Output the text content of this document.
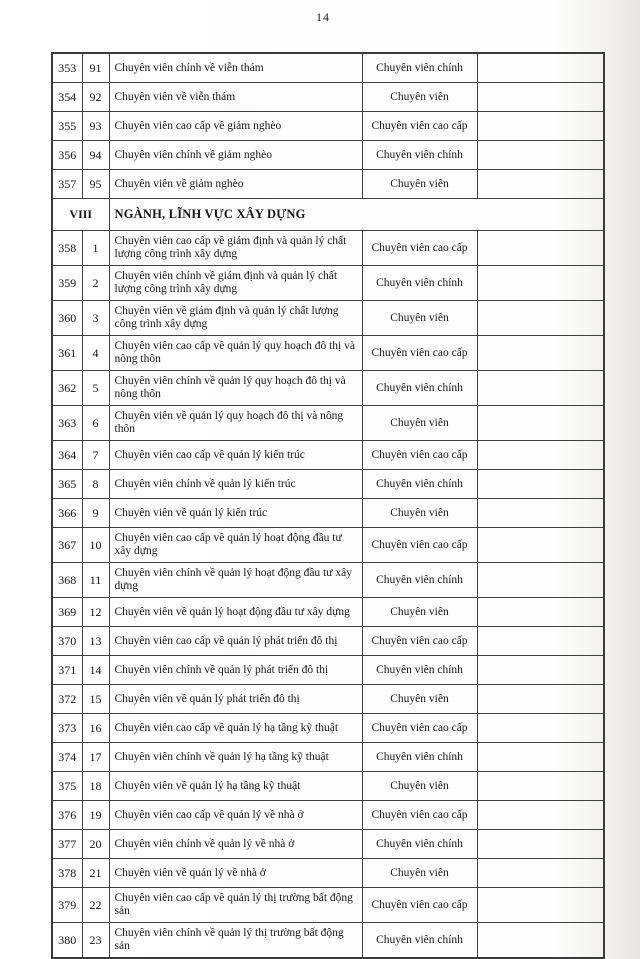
14
353	91	Chuyên viên chính về viễn thám	Chuyên viên chính	
354	92	Chuyên viên về viễn thám	Chuyên viên	
355	93	Chuyên viên cao cấp về giảm nghèo	Chuyên viên cao cấp	
356	94	Chuyên viên chính về giảm nghèo	Chuyên viên chính	
357	95	Chuyên viên về giảm nghèo	Chuyên viên	
VIII		NGÀNH, LĨNH VỰC XÂY DỰNG		
358	1	Chuyên viên cao cấp về giám định và quản lý chất lượng công trình xây dựng	Chuyên viên cao cấp	
359	2	Chuyên viên chính về giám định và quản lý chất lượng công trình xây dựng	Chuyên viên chính	
360	3	Chuyên viên về giám định và quản lý chất lượng công trình xây dựng	Chuyên viên	
361	4	Chuyên viên cao cấp về quản lý quy hoạch đô thị và nông thôn	Chuyên viên cao cấp	
362	5	Chuyên viên chính về quản lý quy hoạch đô thị và nông thôn	Chuyên viên chính	
363	6	Chuyên viên về quản lý quy hoạch đô thị và nông thôn	Chuyên viên	
364	7	Chuyên viên cao cấp về quản lý kiến trúc	Chuyên viên cao cấp	
365	8	Chuyên viên chính về quản lý kiến trúc	Chuyên viên chính	
366	9	Chuyên viên về quản lý kiến trúc	Chuyên viên	
367	10	Chuyên viên cao cấp về quản lý hoạt động đầu tư xây dựng	Chuyên viên cao cấp	
368	11	Chuyên viên chính về quản lý hoạt động đầu tư xây dựng	Chuyên viên chính	
369	12	Chuyên viên về quản lý hoạt động đầu tư xây dựng	Chuyên viên	
370	13	Chuyên viên cao cấp về quản lý phát triển đô thị	Chuyên viên cao cấp	
371	14	Chuyên viên chính về quản lý phát triển đô thị	Chuyên viên chính	
372	15	Chuyên viên về quản lý phát triển đô thị	Chuyên viên	
373	16	Chuyên viên cao cấp về quản lý hạ tầng kỹ thuật	Chuyên viên cao cấp	
374	17	Chuyên viên chính về quản lý hạ tầng kỹ thuật	Chuyên viên chính	
375	18	Chuyên viên về quản lý hạ tầng kỹ thuật	Chuyên viên	
376	19	Chuyên viên cao cấp về quản lý về nhà ở	Chuyên viên cao cấp	
377	20	Chuyên viên chính về quản lý về nhà ở	Chuyên viên chính	
378	21	Chuyên viên về quản lý về nhà ở	Chuyên viên	
379	22	Chuyên viên cao cấp về quản lý thị trường bất động sản	Chuyên viên cao cấp	
380	23	Chuyên viên chính về quản lý thị trường bất động sản	Chuyên viên chính	
